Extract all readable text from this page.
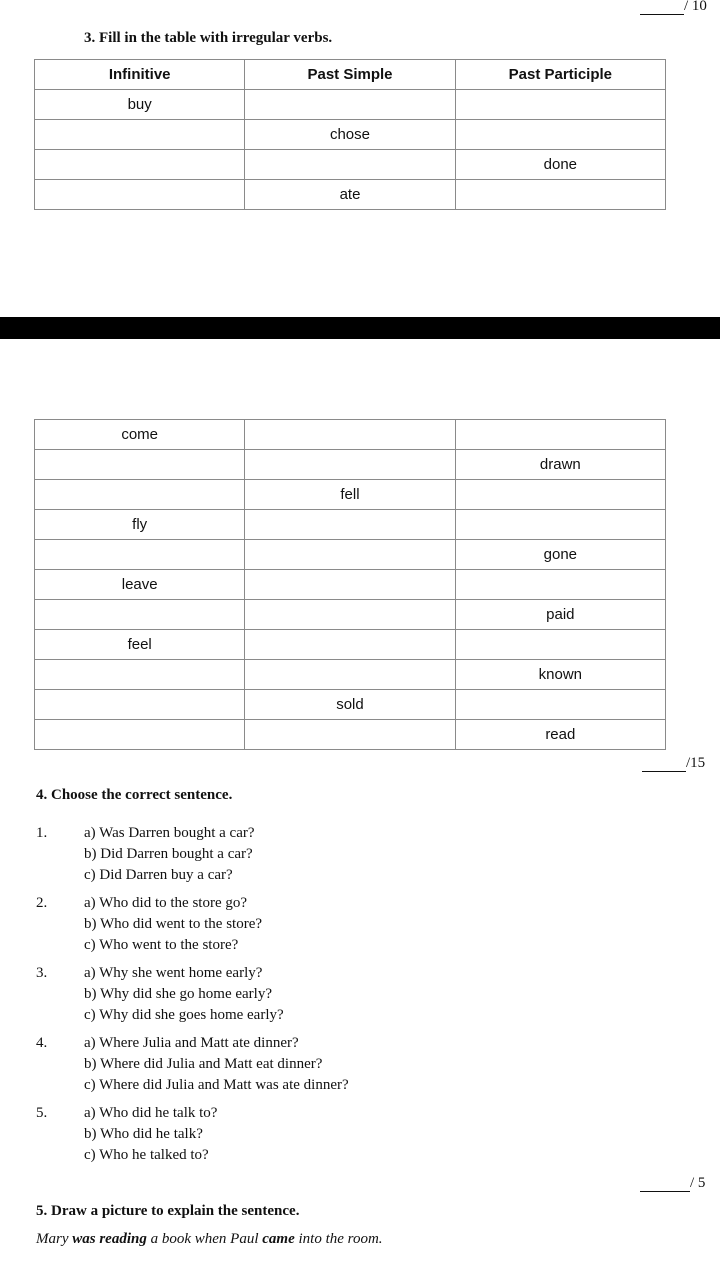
/ 10
3. Fill in the table with irregular verbs.
Infinitive	Past Simple	Past Participle
buy		
	chose	
		done
	ate	
come		
		drawn
	fell	
fly		
		gone
leave		
		paid
feel		
		known
	sold	
		read
/15
4. Choose the correct sentence.
1. a) Was Darren bought a car?
b) Did Darren bought a car?
c) Did Darren buy a car?
2. a) Who did to the store go?
b) Who did went to the store?
c) Who went to the store?
3. a) Why she went home early?
b) Why did she go home early?
c) Why did she goes home early?
4. a) Where Julia and Matt ate dinner?
b) Where did Julia and Matt eat dinner?
c) Where did Julia and Matt was ate dinner?
5. a) Who did he talk to?
b) Who did he talk?
c) Who he talked to?
/ 5
5. Draw a picture to explain the sentence.
Mary was reading a book when Paul came into the room.
